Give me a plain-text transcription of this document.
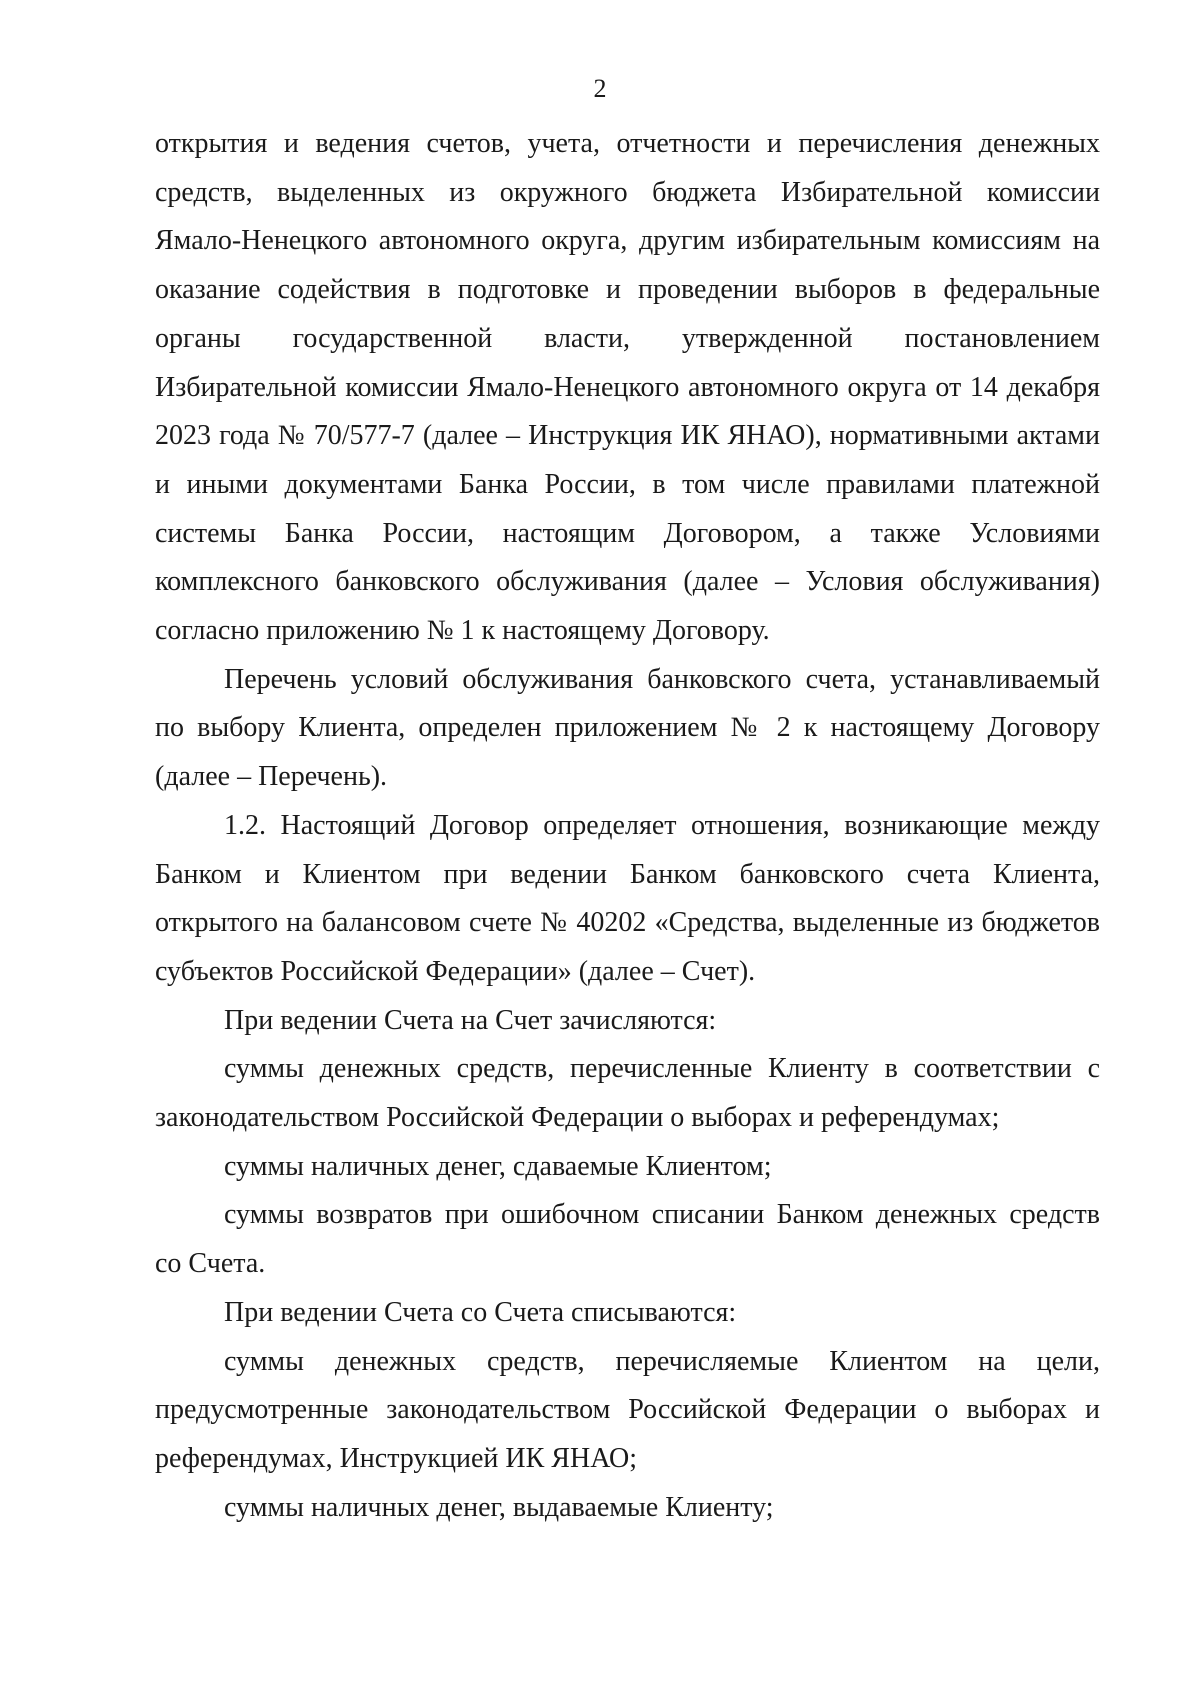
2
открытия и ведения счетов, учета, отчетности и перечисления денежных
средств, выделенных из окружного бюджета Избирательной комиссии
Ямало-Ненецкого автономного округа, другим избирательным комиссиям на
оказание содействия в подготовке и проведении выборов в федеральные
органы государственной власти, утвержденной постановлением
Избирательной комиссии Ямало-Ненецкого автономного округа от 14 декабря
2023 года № 70/577-7 (далее – Инструкция ИК ЯНАО), нормативными актами
и иными документами Банка России, в том числе правилами платежной
системы Банка России, настоящим Договором, а также Условиями
комплексного банковского обслуживания (далее – Условия обслуживания)
согласно приложению № 1 к настоящему Договору.
Перечень условий обслуживания банковского счета, устанавливаемый
по выбору Клиента, определен приложением № 2 к настоящему Договору
(далее – Перечень).
1.2. Настоящий Договор определяет отношения, возникающие между
Банком и Клиентом при ведении Банком банковского счета Клиента,
открытого на балансовом счете № 40202 «Средства, выделенные из бюджетов
субъектов Российской Федерации» (далее – Счет).
При ведении Счета на Счет зачисляются:
суммы денежных средств, перечисленные Клиенту в соответствии с
законодательством Российской Федерации о выборах и референдумах;
суммы наличных денег, сдаваемые Клиентом;
суммы возвратов при ошибочном списании Банком денежных средств
со Счета.
При ведении Счета со Счета списываются:
суммы денежных средств, перечисляемые Клиентом на цели,
предусмотренные законодательством Российской Федерации о выборах и
референдумах, Инструкцией ИК ЯНАО;
суммы наличных денег, выдаваемые Клиенту;
